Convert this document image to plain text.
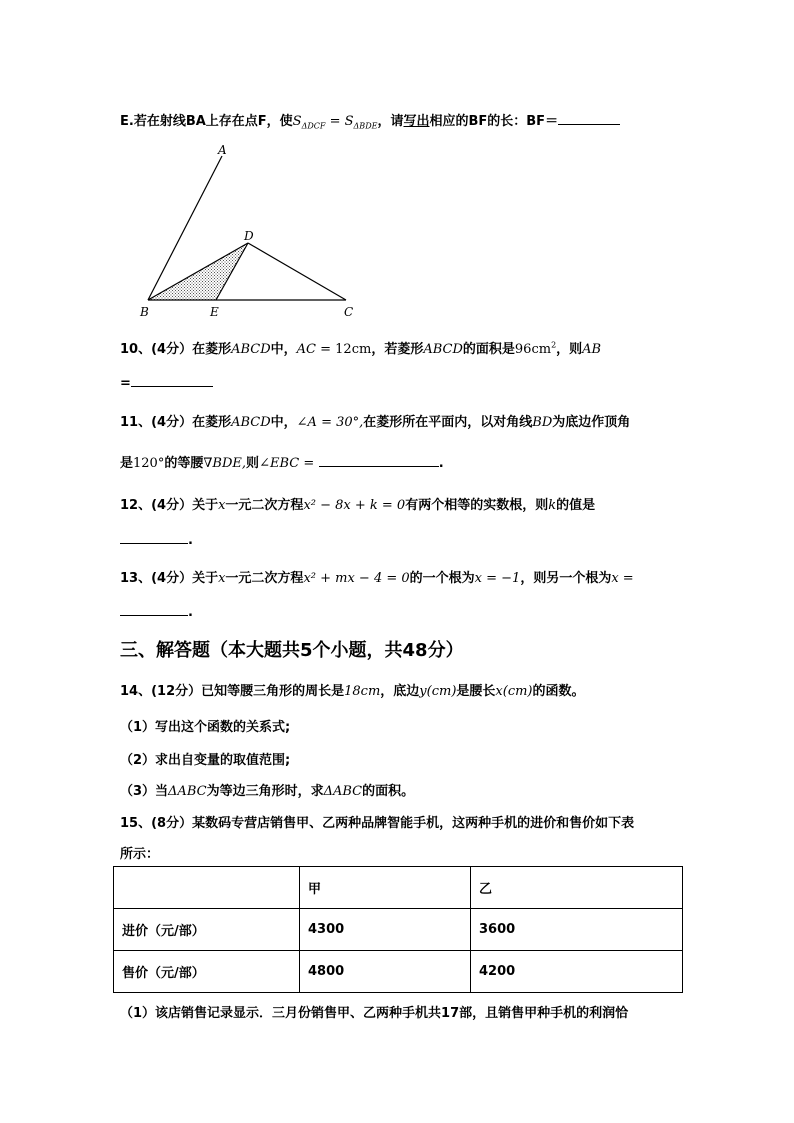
E.若在射线BA上存在点F，使$S_{\Delta DCF} = S_{\Delta BDE}$，请写出相应的BF的长：BF＝
A
D
B	E	C
10、(4分）在菱形ABCD中，AC = 12cm，若菱形ABCD的面积是$96cm^2$，则AB
=
11、(4分）在菱形ABCD中，∠A = 30°,在菱形所在平面内，以对角线BD为底边作顶角
是120°的等腰∇BDE,则∠EBC =	.
12、(4分）关于x一元二次方程x² − 8x + k = 0有两个相等的实数根，则k的值是
.
13、(4分）关于x一元二次方程x² + mx − 4 = 0的一个根为x = −1，则另一个根为x =
.
三、解答题（本大题共5个小题，共48分）
14、(12分）已知等腰三角形的周长是18cm，底边y(cm)是腰长x(cm)的函数。
（1）写出这个函数的关系式;
（2）求出自变量的取值范围;
（3）当ΔABC为等边三角形时，求ΔABC的面积。
15、(8分）某数码专营店销售甲、乙两种品牌智能手机，这两种手机的进价和售价如下表
所示：
	甲	乙
进价（元/部）	4300	3600
售价（元/部）	4800	4200
（1）该店销售记录显示．三月份销售甲、乙两种手机共17部，且销售甲种手机的利润恰
